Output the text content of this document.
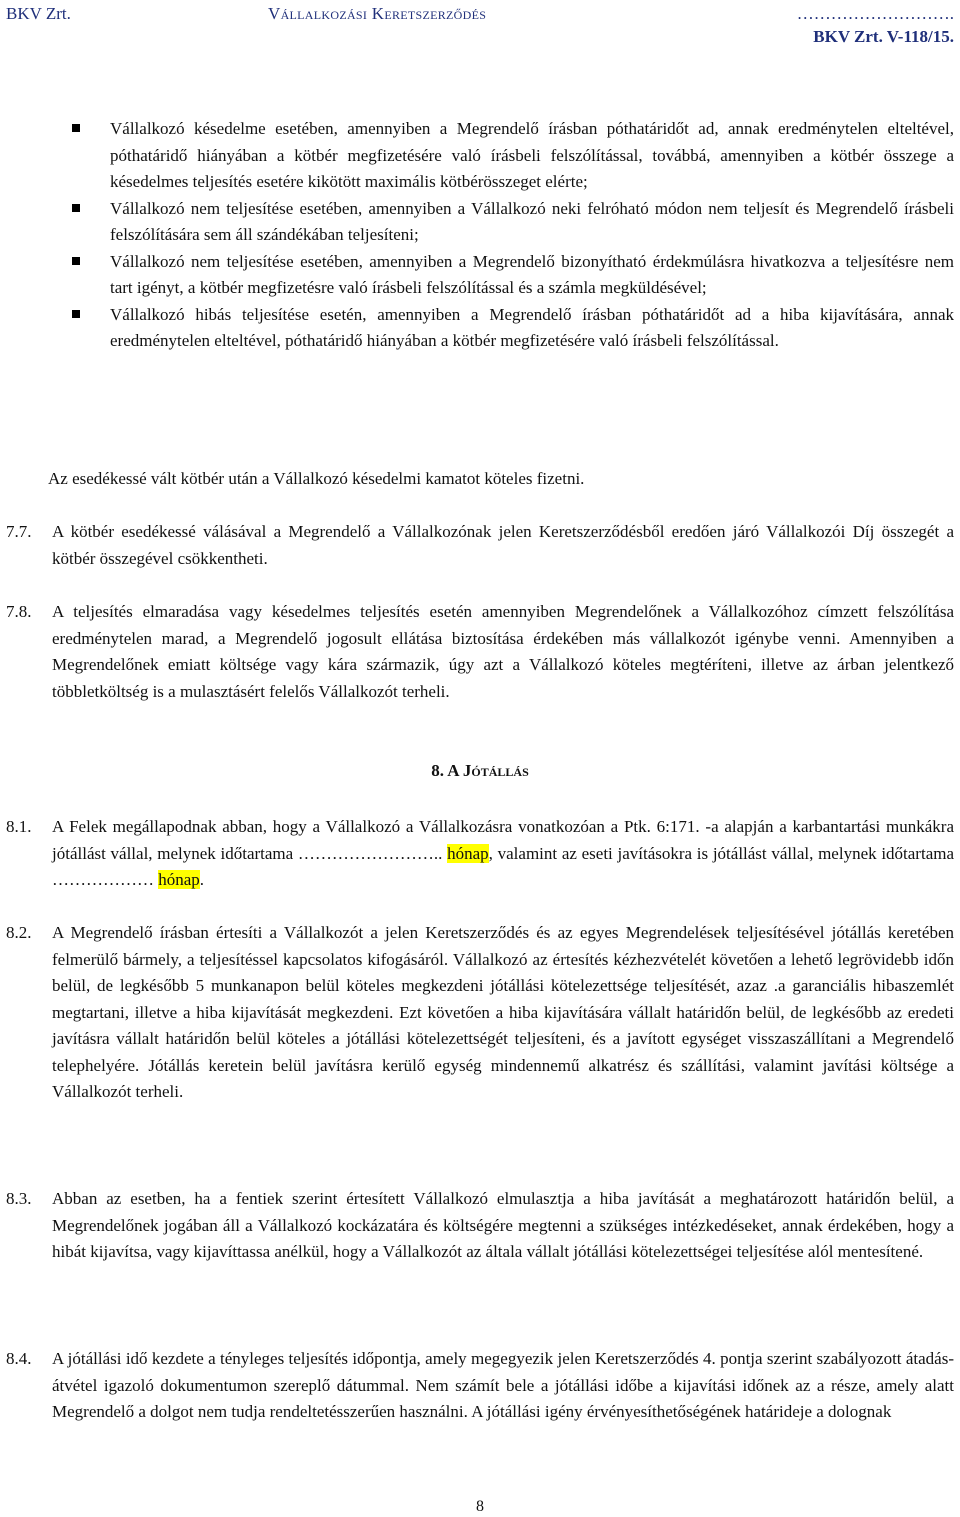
BKV Zrt.	Vállalkozási Keretszerződés	……………………….
BKV Zrt. V-118/15.
Vállalkozó késedelme esetében, amennyiben a Megrendelő írásban póthatáridőt ad, annak eredménytelen elteltével, póthatáridő hiányában a kötbér megfizetésére való írásbeli felszólítással, továbbá, amennyiben a kötbér összege a késedelmes teljesítés esetére kikötött maximális kötbérösszeget elérte;
Vállalkozó nem teljesítése esetében, amennyiben a Vállalkozó neki felróható módon nem teljesít és Megrendelő írásbeli felszólítására sem áll szándékában teljesíteni;
Vállalkozó nem teljesítése esetében, amennyiben a Megrendelő bizonyítható érdekmúlásra hivatkozva a teljesítésre nem tart igényt, a kötbér megfizetésre való írásbeli felszólítással és a számla megküldésével;
Vállalkozó hibás teljesítése esetén, amennyiben a Megrendelő írásban póthatáridőt ad a hiba kijavítására, annak eredménytelen elteltével, póthatáridő hiányában a kötbér megfizetésére való írásbeli felszólítással.
Az esedékessé vált kötbér után a Vállalkozó késedelmi kamatot köteles fizetni.
7.7. A kötbér esedékessé válásával a Megrendelő a Vállalkozónak jelen Keretszerződésből eredően járó Vállalkozói Díj összegét a kötbér összegével csökkentheti.
7.8. A teljesítés elmaradása vagy késedelmes teljesítés esetén amennyiben Megrendelőnek a Vállalkozóhoz címzett felszólítása eredménytelen marad, a Megrendelő jogosult ellátása biztosítása érdekében más vállalkozót igénybe venni. Amennyiben a Megrendelőnek emiatt költsége vagy kára származik, úgy azt a Vállalkozó köteles megtéríteni, illetve az árban jelentkező többletköltség is a mulasztásért felelős Vállalkozót terheli.
8. A Jótállás
8.1. A Felek megállapodnak abban, hogy a Vállalkozó a Vállalkozásra vonatkozóan a Ptk. 6:171. -a alapján a karbantartási munkákra jótállást vállal, melynek időtartama …………………….. hónap, valamint az eseti javításokra is jótállást vállal, melynek időtartama ……………… hónap.
8.2. A Megrendelő írásban értesíti a Vállalkozót a jelen Keretszerződés és az egyes Megrendelések teljesítésével jótállás keretében felmerülő bármely, a teljesítéssel kapcsolatos kifogásáról. Vállalkozó az értesítés kézhezvételét követően a lehető legrövidebb időn belül, de legkésőbb 5 munkanapon belül köteles megkezdeni jótállási kötelezettsége teljesítését, azaz .a garanciális hibaszemlét megtartani, illetve a hiba kijavítását megkezdeni. Ezt követően a hiba kijavítására vállalt határidőn belül, de legkésőbb az eredeti javításra vállalt határidőn belül köteles a jótállási kötelezettségét teljesíteni, és a javított egységet visszaszállítani a Megrendelő telephelyére. Jótállás keretein belül javításra kerülő egység mindennemű alkatrész és szállítási, valamint javítási költsége a Vállalkozót terheli.
8.3. Abban az esetben, ha a fentiek szerint értesített Vállalkozó elmulasztja a hiba javítását a meghatározott határidőn belül, a Megrendelőnek jogában áll a Vállalkozó kockázatára és költségére megtenni a szükséges intézkedéseket, annak érdekében, hogy a hibát kijavítsa, vagy kijavíttassa anélkül, hogy a Vállalkozót az általa vállalt jótállási kötelezettségei teljesítése alól mentesítené.
8.4. A jótállási idő kezdete a tényleges teljesítés időpontja, amely megegyezik jelen Keretszerződés 4. pontja szerint szabályozott átadás-átvétel igazoló dokumentumon szereplő dátummal. Nem számít bele a jótállási időbe a kijavítási időnek az a része, amely alatt Megrendelő a dolgot nem tudja rendeltetésszerűen használni. A jótállási igény érvényesíthetőségének határideje a dolognak
8
